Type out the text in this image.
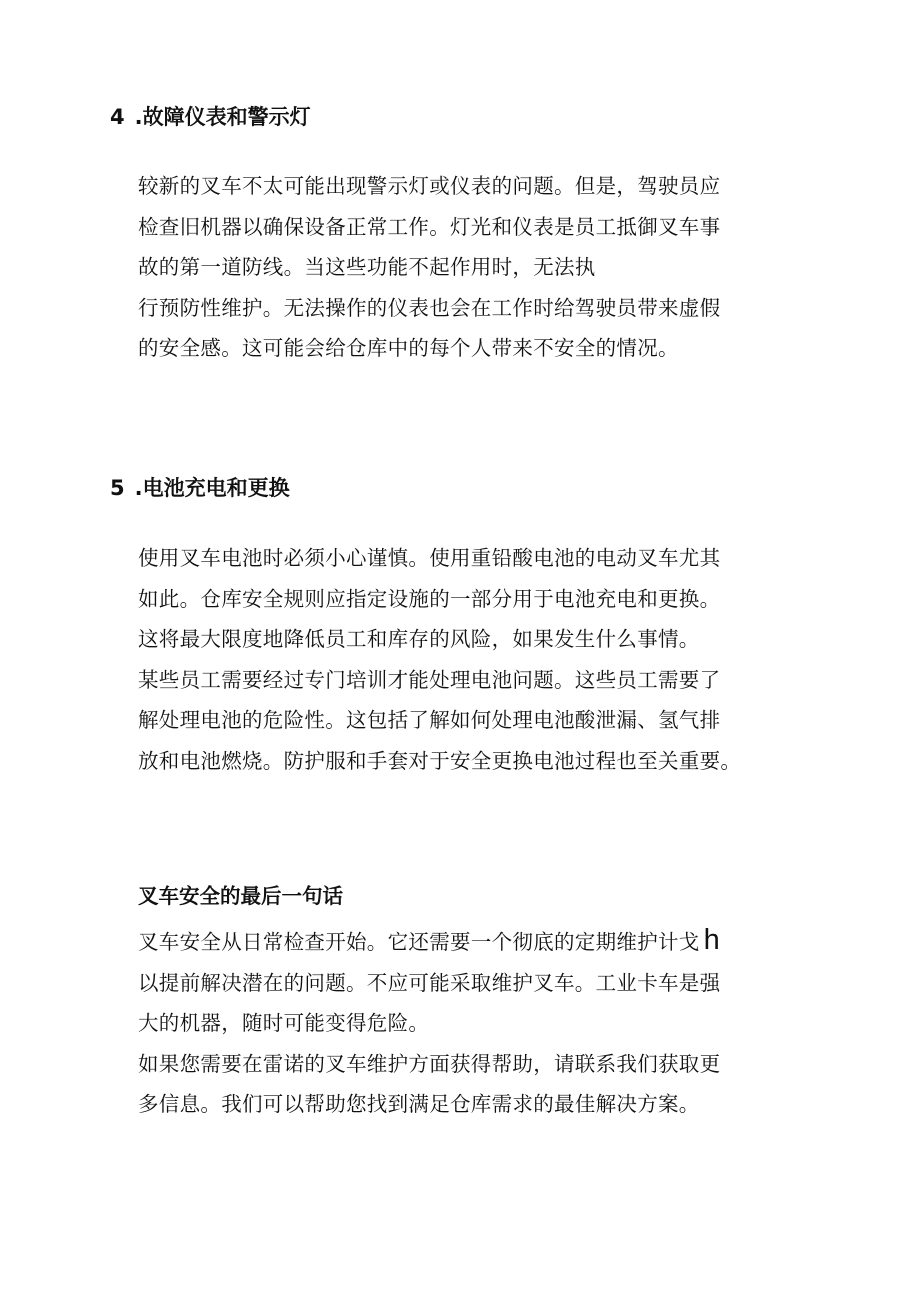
4 .故障仪表和警示灯
较新的叉车不太可能出现警示灯或仪表的问题。但是，驾驶员应
检查旧机器以确保设备正常工作。灯光和仪表是员工抵御叉车事
故的第一道防线。当这些功能不起作用时，无法执
行预防性维护。无法操作的仪表也会在工作时给驾驶员带来虚假
的安全感。这可能会给仓库中的每个人带来不安全的情况。
5 .电池充电和更换
使用叉车电池时必须小心谨慎。使用重铅酸电池的电动叉车尤其
如此。仓库安全规则应指定设施的一部分用于电池充电和更换。
这将最大限度地降低员工和库存的风险，如果发生什么事情。
某些员工需要经过专门培训才能处理电池问题。这些员工需要了
解处理电池的危险性。这包括了解如何处理电池酸泄漏、氢气排
放和电池燃烧。防护服和手套对于安全更换电池过程也至关重要。
叉车安全的最后一句话
叉车安全从日常检查开始。它还需要一个彻底的定期维护计戈 h
以提前解决潜在的问题。不应可能采取维护叉车。工业卡车是强
大的机器，随时可能变得危险。
如果您需要在雷诺的叉车维护方面获得帮助，请联系我们获取更
多信息。我们可以帮助您找到满足仓库需求的最佳解决方案。
